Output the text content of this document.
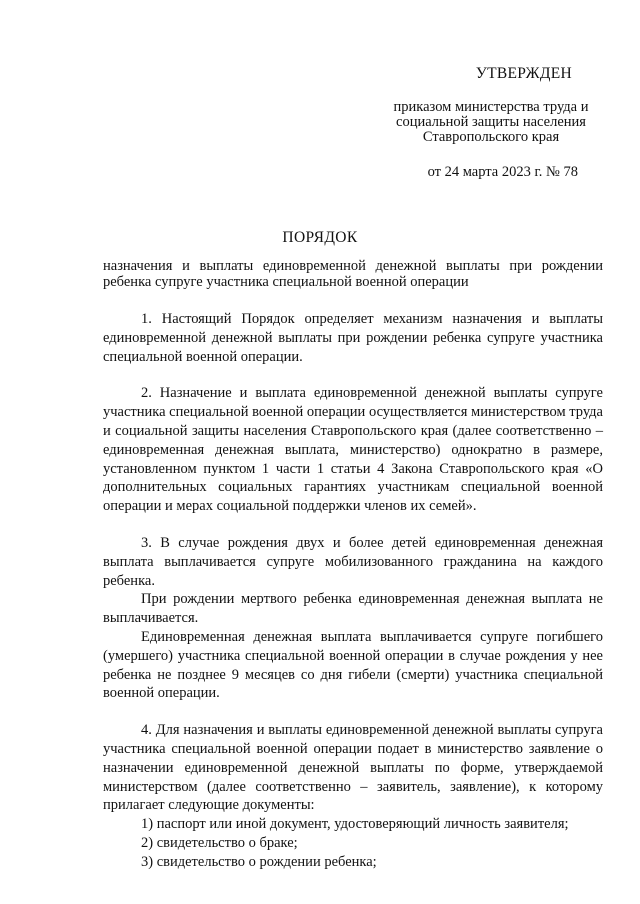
УТВЕРЖДЕН
приказом министерства труда и социальной защиты населения Ставропольского края
от 24 марта 2023 г. № 78
ПОРЯДОК
назначения и выплаты единовременной денежной выплаты при рождении ребенка супруге участника специальной военной операции

1. Настоящий Порядок определяет механизм назначения и выплаты единовременной денежной выплаты при рождении ребенка супруге участника специальной военной операции.

2. Назначение и выплата единовременной денежной выплаты супруге участника специальной военной операции осуществляется министерством труда и социальной защиты населения Ставропольского края (далее соответственно – единовременная денежная выплата, министерство) однократно в размере, установленном пунктом 1 части 1 статьи 4 Закона Ставропольского края «О дополнительных социальных гарантиях участникам специальной военной операции и мерах социальной поддержки членов их семей».

3. В случае рождения двух и более детей единовременная денежная выплата выплачивается супруге мобилизованного гражданина на каждого ребенка.

При рождении мертвого ребенка единовременная денежная выплата не выплачивается.

Единовременная денежная выплата выплачивается супруге погибшего (умершего) участника специальной военной операции в случае рождения у нее ребенка не позднее 9 месяцев со дня гибели (смерти) участника специальной военной операции.

4. Для назначения и выплаты единовременной денежной выплаты супруга участника специальной военной операции подает в министерство заявление о назначении единовременной денежной выплаты по форме, утверждаемой министерством (далее соответственно – заявитель, заявление), к которому прилагает следующие документы:

1) паспорт или иной документ, удостоверяющий личность заявителя;

2) свидетельство о браке;

3) свидетельство о рождении ребенка;
